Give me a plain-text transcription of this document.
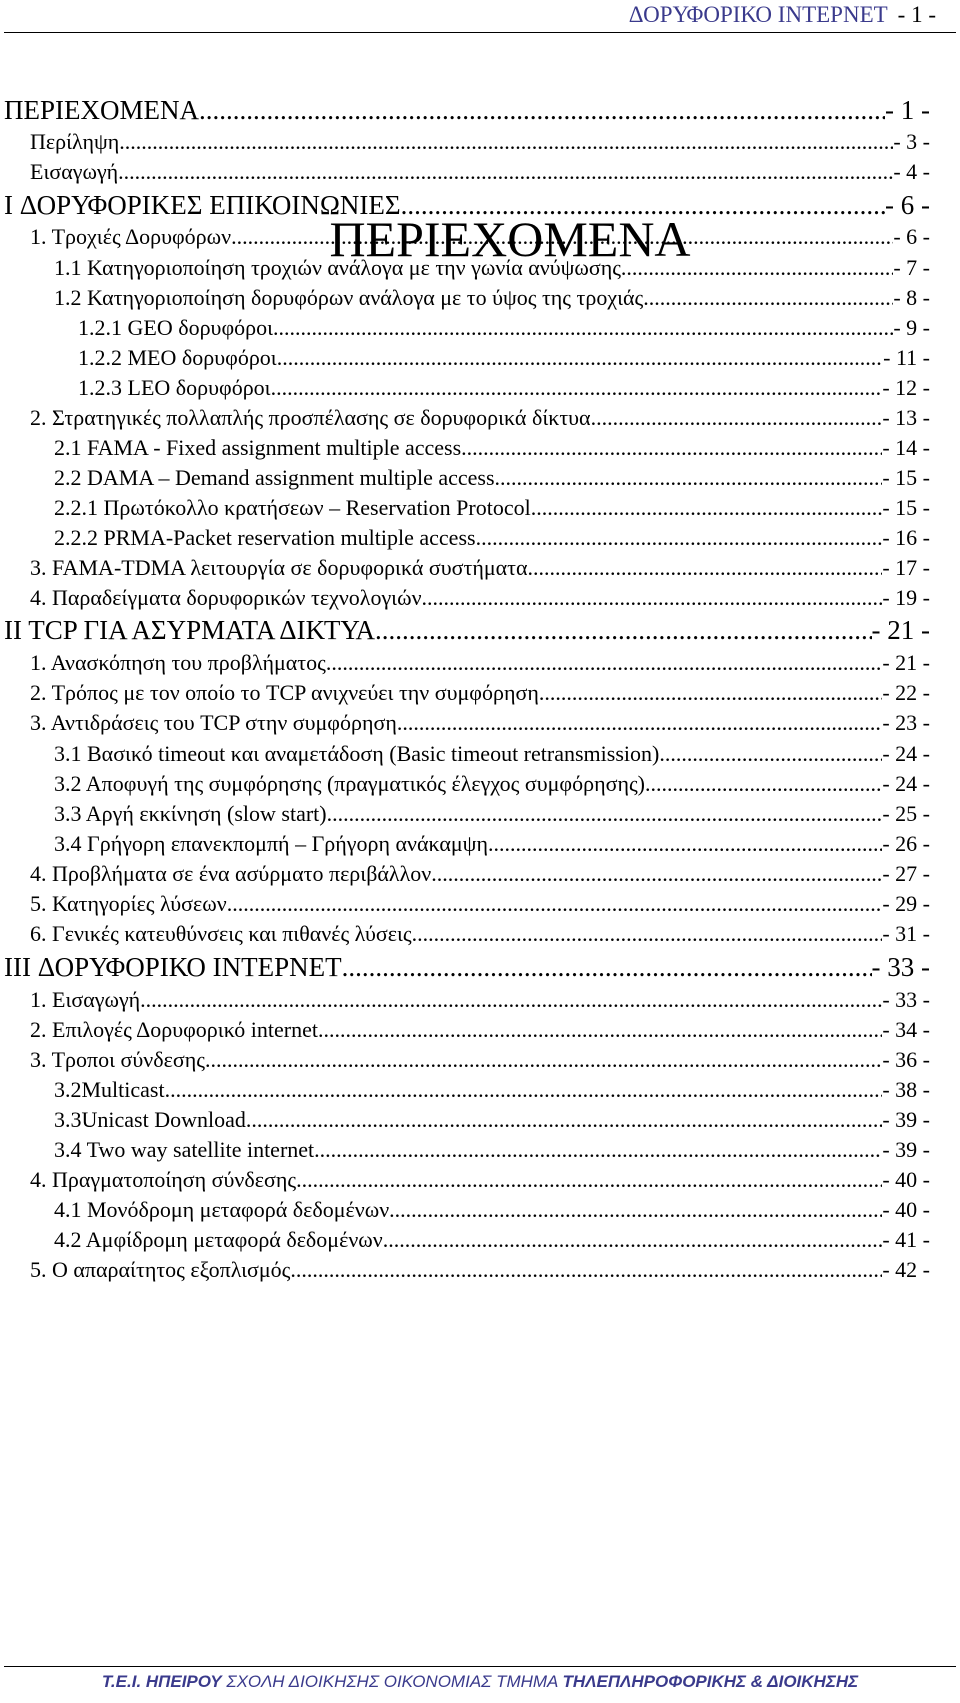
ΔΟΡΥΦΟΡΙΚΟ ΙΝΤΕΡΝΕΤ - 1 -
ΠΕΡΙΕΧΟΜΕΝΑ
ΠΕΡΙΕΧΟΜΕΝΑ .....	- 1 -
Περίληψη .....	- 3 -
Εισαγωγή .....	- 4 -
I ΔΟΡΥΦΟΡΙΚΕΣ ΕΠΙΚΟΙΝΩΝΙΕΣ .....	- 6 -
1. Τροχιές Δορυφόρων .....	- 6 -
1.1 Κατηγοριοποίηση τροχιών ανάλογα με την γωνία ανύψωσης .....	- 7 -
1.2 Κατηγοριοποίηση δορυφόρων ανάλογα με το ύψος της τροχιάς .....	- 8 -
1.2.1 GEO δορυφόροι .....	- 9 -
1.2.2 MEO δορυφόροι .....	- 11 -
1.2.3 LEO δορυφόροι .....	- 12 -
2. Στρατηγικές πολλαπλής προσπέλασης σε δορυφορικά δίκτυα .....	- 13 -
2.1 FAMA - Fixed assignment multiple access .....	- 14 -
2.2 DAMA – Demand assignment multiple access .....	- 15 -
2.2.1 Πρωτόκολλο κρατήσεων – Reservation Protocol .....	- 15 -
2.2.2 PRMA-Packet reservation multiple access .....	- 16 -
3. FAMA-TDMA λειτουργία σε δορυφορικά συστήματα .....	- 17 -
4. Παραδείγματα δορυφορικών τεχνολογιών .....	- 19 -
II TCP ΓΙΑ ΑΣΥΡΜΑΤΑ ΔΙΚΤΥΑ .....	- 21 -
1. Ανασκόπηση του προβλήματος .....	- 21 -
2. Τρόπος με τον οποίο το TCP ανιχνεύει την συμφόρηση .....	- 22 -
3. Αντιδράσεις του TCP στην συμφόρηση .....	- 23 -
3.1 Βασικό timeout και αναμετάδοση (Basic timeout retransmission) .....	- 24 -
3.2 Αποφυγή της συμφόρησης (πραγματικός έλεγχος συμφόρησης) .....	- 24 -
3.3 Αργή εκκίνηση (slow start) .....	- 25 -
3.4 Γρήγορη επανεκπομπή – Γρήγορη ανάκαμψη .....	- 26 -
4. Προβλήματα σε ένα ασύρματο περιβάλλον .....	- 27 -
5. Κατηγορίες λύσεων .....	- 29 -
6. Γενικές κατευθύνσεις και πιθανές λύσεις .....	- 31 -
III ΔΟΡΥΦΟΡΙΚΟ ΙΝΤΕΡΝΕΤ .....	- 33 -
1. Εισαγωγή .....	- 33 -
2. Επιλογές Δορυφορικό internet .....	- 34 -
3. Τροποι σύνδεσης .....	- 36 -
3.2Multicast .....	- 38 -
3.3Unicast Download .....	- 39 -
3.4 Two way satellite internet .....	- 39 -
4. Πραγματοποίηση σύνδεσης .....	- 40 -
4.1 Μονόδρομη μεταφορά δεδομένων .....	- 40 -
4.2 Αμφίδρομη μεταφορά δεδομένων .....	- 41 -
5. Ο απαραίτητος εξοπλισμός .....	- 42 -
T.E.I. ΗΠΕΙΡΟΥ ΣΧΟΛΗ ΔΙΟΙΚΗΣΗΣ ΟΙΚΟΝΟΜΙΑΣ ΤΜΗΜΑ ΤΗΛΕΠΛΗΡΟΦΟΡΙΚΗΣ & ΔΙΟΙΚΗΣΗΣ
